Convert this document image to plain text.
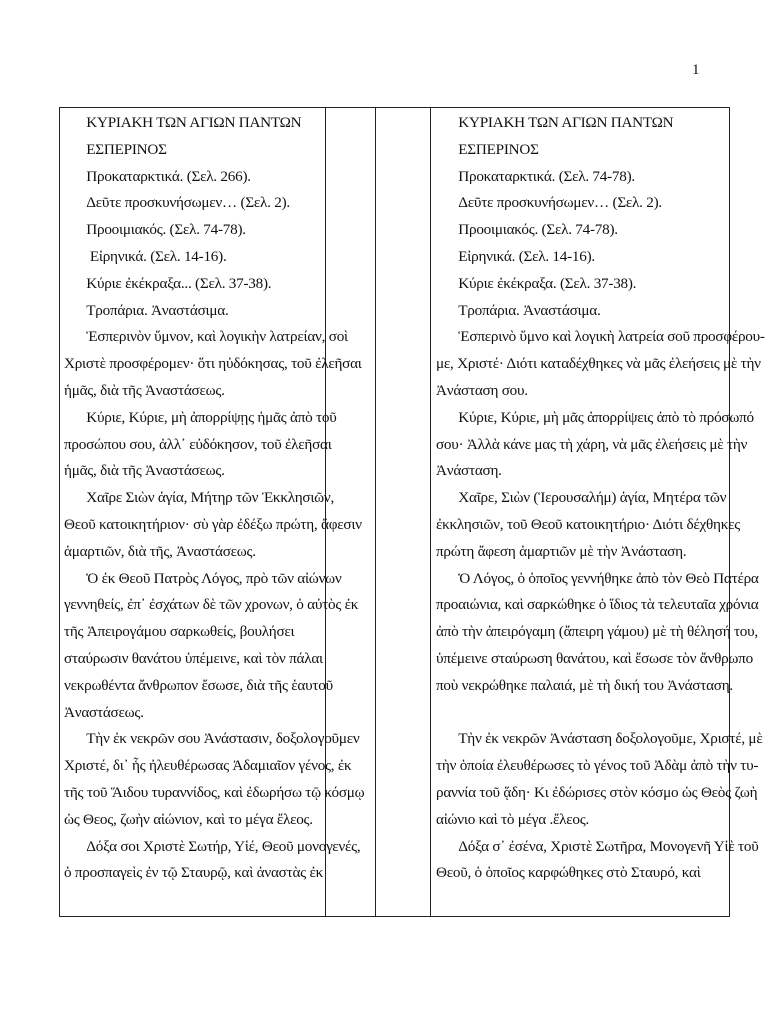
1
  ΚΥΡΙΑΚΗ ΤΩΝ ΑΓΙΩΝ ΠΑΝΤΩΝ
  ΕΣΠΕΡΙΝΟΣ
  Προκαταρκτικά. (Σελ. 266).
  Δεῦτε προσκυνήσωμεν… (Σελ. 2).
  Προοιμιακός. (Σελ. 74-78).
   Εἰρηνικά. (Σελ. 14-16).
  Κύριε ἐκέκραξα... (Σελ. 37-38).
  Τροπάρια. Ἀναστάσιμα.
  Ἑσπερινὸν ὕμνον, καὶ λογικὴν λατρείαν, σοὶ
Χριστὲ προσφέρομεν· ὅτι ηὐδόκησας, τοῦ ἐλεῆσαι
ἡμᾶς, διὰ τῆς Ἀναστάσεως.
  Κύριε, Κύριε, μὴ ἀπορρίψῃς ἡμᾶς ἀπὸ τοῦ
προσώπου σου, ἀλλ᾽ εὐδόκησον, τοῦ ἐλεῆσαι
ἡμᾶς, διὰ τῆς Ἀναστάσεως.
  Χαῖρε Σιὼν ἁγία, Μήτηρ τῶν Ἐκκλησιῶν,
Θεοῦ κατοικητήριον· σὺ γὰρ ἐδέξω πρώτη, ἄφεσιν
ἁμαρτιῶν, διὰ τῆς, Ἀναστάσεως.
  Ὁ ἐκ Θεοῦ Πατρὸς Λόγος, πρὸ τῶν αἰώνων
γεννηθείς, ἐπ᾽ ἐσχάτων δὲ τῶν χρονων, ὁ αὐτὸς ἐκ
τῆς Ἀπειρογάμου σαρκωθείς, βουλήσει
σταύρωσιν θανάτου ὑπέμεινε, καὶ τὸν πάλαι
νεκρωθέντα ἄνθρωπον ἔσωσε, διὰ τῆς ἑαυτοῦ
Ἀναστάσεως.
  Τὴν ἐκ νεκρῶν σου Ἀνάστασιν, δοξολογοῦμεν
Χριστέ, δι᾽ ἧς ἠλευθέρωσας Ἀδαμιαῖον γένος, ἐκ
τῆς τοῦ Ἅιδου τυραννίδος, καὶ ἐδωρήσω τῷ κόσμῳ
ὡς Θεος, ζωὴν αἰώνιον, καὶ το μέγα ἔλεος.
  Δόξα σοι Χριστὲ Σωτήρ, Υἱέ, Θεοῦ μονογενές,
ὁ προσπαγεὶς ἐν τῷ Σταυρῷ, καὶ ἀναστὰς ἐκ
  ΚΥΡΙΑΚΗ ΤΩΝ ΑΓΙΩΝ ΠΑΝΤΩΝ
  ΕΣΠΕΡΙΝΟΣ
  Προκαταρκτικά. (Σελ. 74-78).
  Δεῦτε προσκυνήσωμεν… (Σελ. 2).
  Προοιμιακός. (Σελ. 74-78).
  Εἰρηνικά. (Σελ. 14-16).
  Κύριε ἐκέκραξα. (Σελ. 37-38).
  Τροπάρια. Ἀναστάσιμα.
  Ἑσπερινὸ ὕμνο καὶ λογικὴ λατρεία σοῦ προσφέρου-
με, Χριστέ· Διότι καταδέχθηκες νὰ μᾶς ἐλεήσεις μὲ τὴν
Ἀνάσταση σου.
  Κύριε, Κύριε, μὴ μᾶς ἀπορρίψεις ἀπὸ τὸ πρόσωπό
σου· Ἀλλὰ κάνε μας τὴ χάρη, νὰ μᾶς ἐλεήσεις μὲ τὴν
Ἀνάσταση.
  Χαῖρε, Σιὼν (Ἱερουσαλήμ) ἁγία, Μητέρα τῶν
ἐκκλησιῶν, τοῦ Θεοῦ κατοικητήριο· Διότι δέχθηκες
πρώτη ἄφεση ἁμαρτιῶν μὲ τὴν Ἀνάσταση.
  Ὁ Λόγος, ὁ ὁποῖος γεννήθηκε ἀπὸ τὸν Θεὸ Πατέρα
προαιώνια, καὶ σαρκώθηκε ὁ ἴδιος τὰ τελευταῖα χρόνια
ἀπὸ τὴν ἀπειρόγαμη (ἄπειρη γάμου) μὲ τὴ θέλησή του,
ὑπέμεινε σταύρωση θανάτου, καὶ ἔσωσε τὸν ἄνθρωπο
ποὺ νεκρώθηκε παλαιά, μὲ τὴ δική του Ἀνάσταση.
  Τὴν ἐκ νεκρῶν Ἀνάσταση δοξολογοῦμε, Χριστέ, μὲ
τὴν ὁποία ἐλευθέρωσες τὸ γένος τοῦ Ἀδὰμ ἀπὸ τὴν τυ-
ραννία τοῦ ᾅδη· Κι ἐδώρισες στὸν κόσμο ὡς Θεὸς ζωὴ
αἰώνιο καὶ τὸ μέγα .ἔλεος.
  Δόξα σ᾽ ἐσένα, Χριστὲ Σωτῆρα, Μονογενῆ Υἱὲ τοῦ
Θεοῦ, ὁ ὁποῖος καρφώθηκες στὸ Σταυρό, καὶ
